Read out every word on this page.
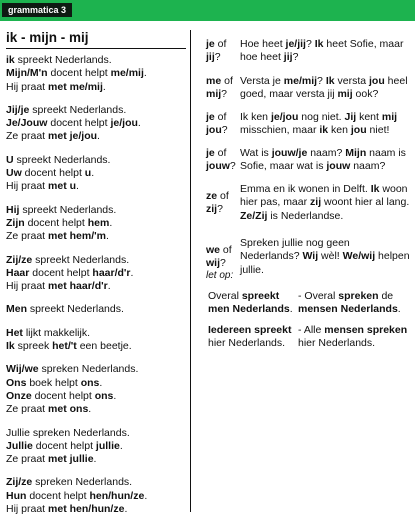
grammatica 3
ik - mijn - mij
ik spreekt Nederlands.
Mijn/M'n docent helpt me/mij.
Hij praat met me/mij.
Jij/je spreekt Nederlands.
Je/Jouw docent helpt je/jou.
Ze praat met je/jou.
U spreekt Nederlands.
Uw docent helpt u.
Hij praat met u.
Hij spreekt Nederlands.
Zijn docent helpt hem.
Ze praat met hem/'m.
Zij/ze spreekt Nederlands.
Haar docent helpt haar/d'r.
Hij praat met haar/d'r.
Men spreekt Nederlands.
Het lijkt makkelijk.
Ik spreek het/'t een beetje.
Wij/we spreken Nederlands.
Ons boek helpt ons.
Onze docent helpt ons.
Ze praat met ons.
Jullie spreken Nederlands.
Jullie docent helpt jullie.
Ze praat met jullie.
Zij/ze spreken Nederlands.
Hun docent helpt hen/hun/ze.
Hij praat met hen/hun/ze.
je of
jij?
Hoe heet je/jij? Ik heet Sofie, maar
hoe heet jij?
me of
mij?
Versta je me/mij? Ik versta jou heel
goed, maar versta jij mij ook?
je of
jou?
Ik ken je/jou nog niet. Jij kent mij
misschien, maar ik ken jou niet!
je of
jouw?
Wat is jouw/je naam? Mijn naam is
Sofie, maar wat is jouw naam?
ze of
zij?
Emma en ik wonen in Delft. Ik woon
hier pas, maar zij woont hier al lang.
Ze/Zij is Nederlandse.
we of
wij?
Spreken jullie nog geen
Nederlands? Wij wèl! We/wij helpen
jullie.
let op:
Overal spreekt
men Nederlands.
- Overal spreken de
mensen Nederlands.
Iedereen spreekt
hier Nederlands.
- Alle mensen spreken
hier Nederlands.
